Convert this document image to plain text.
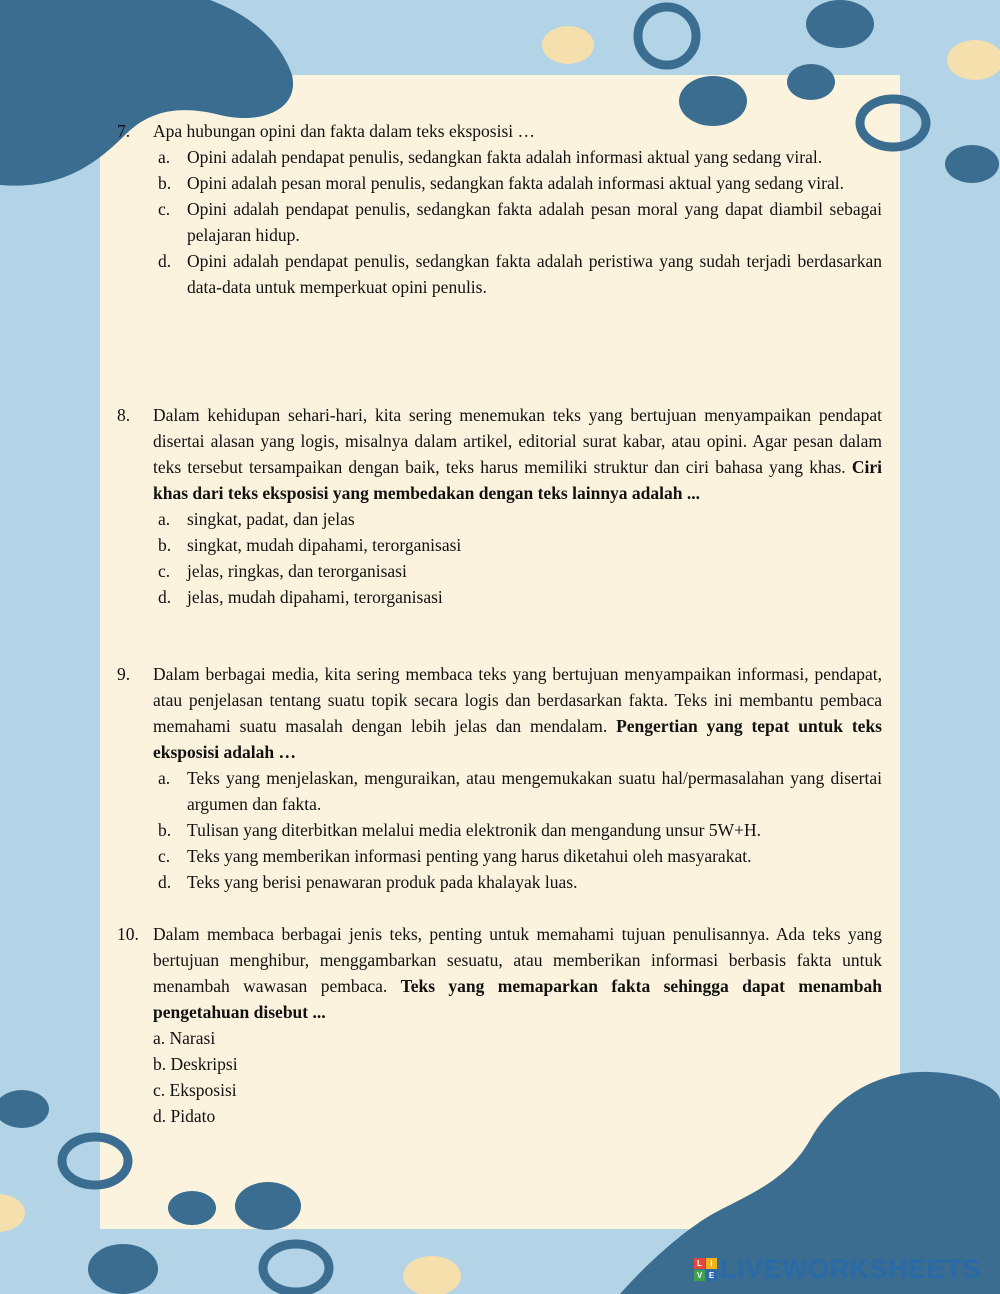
7. Apa hubungan opini dan fakta dalam teks eksposisi …
a. Opini adalah pendapat penulis, sedangkan fakta adalah informasi aktual yang sedang viral.
b. Opini adalah pesan moral penulis, sedangkan fakta adalah informasi aktual yang sedang viral.
c. Opini adalah pendapat penulis, sedangkan fakta adalah pesan moral yang dapat diambil sebagai pelajaran hidup.
d. Opini adalah pendapat penulis, sedangkan fakta adalah peristiwa yang sudah terjadi berdasarkan data-data untuk memperkuat opini penulis.
8. Dalam kehidupan sehari-hari, kita sering menemukan teks yang bertujuan menyampaikan pendapat disertai alasan yang logis, misalnya dalam artikel, editorial surat kabar, atau opini. Agar pesan dalam teks tersebut tersampaikan dengan baik, teks harus memiliki struktur dan ciri bahasa yang khas. Ciri khas dari teks eksposisi yang membedakan dengan teks lainnya adalah ...
a. singkat, padat, dan jelas
b. singkat, mudah dipahami, terorganisasi
c. jelas, ringkas, dan terorganisasi
d. jelas, mudah dipahami, terorganisasi
9. Dalam berbagai media, kita sering membaca teks yang bertujuan menyampaikan informasi, pendapat, atau penjelasan tentang suatu topik secara logis dan berdasarkan fakta. Teks ini membantu pembaca memahami suatu masalah dengan lebih jelas dan mendalam. Pengertian yang tepat untuk teks eksposisi adalah …
a. Teks yang menjelaskan, menguraikan, atau mengemukakan suatu hal/permasalahan yang disertai argumen dan fakta.
b. Tulisan yang diterbitkan melalui media elektronik dan mengandung unsur 5W+H.
c. Teks yang memberikan informasi penting yang harus diketahui oleh masyarakat.
d. Teks yang berisi penawaran produk pada khalayak luas.
10. Dalam membaca berbagai jenis teks, penting untuk memahami tujuan penulisannya. Ada teks yang bertujuan menghibur, menggambarkan sesuatu, atau memberikan informasi berbasis fakta untuk menambah wawasan pembaca. Teks yang memaparkan fakta sehingga dapat menambah pengetahuan disebut ...
a. Narasi
b. Deskripsi
c. Eksposisi
d. Pidato
L	I
V E LIVEWORKSHEETS
